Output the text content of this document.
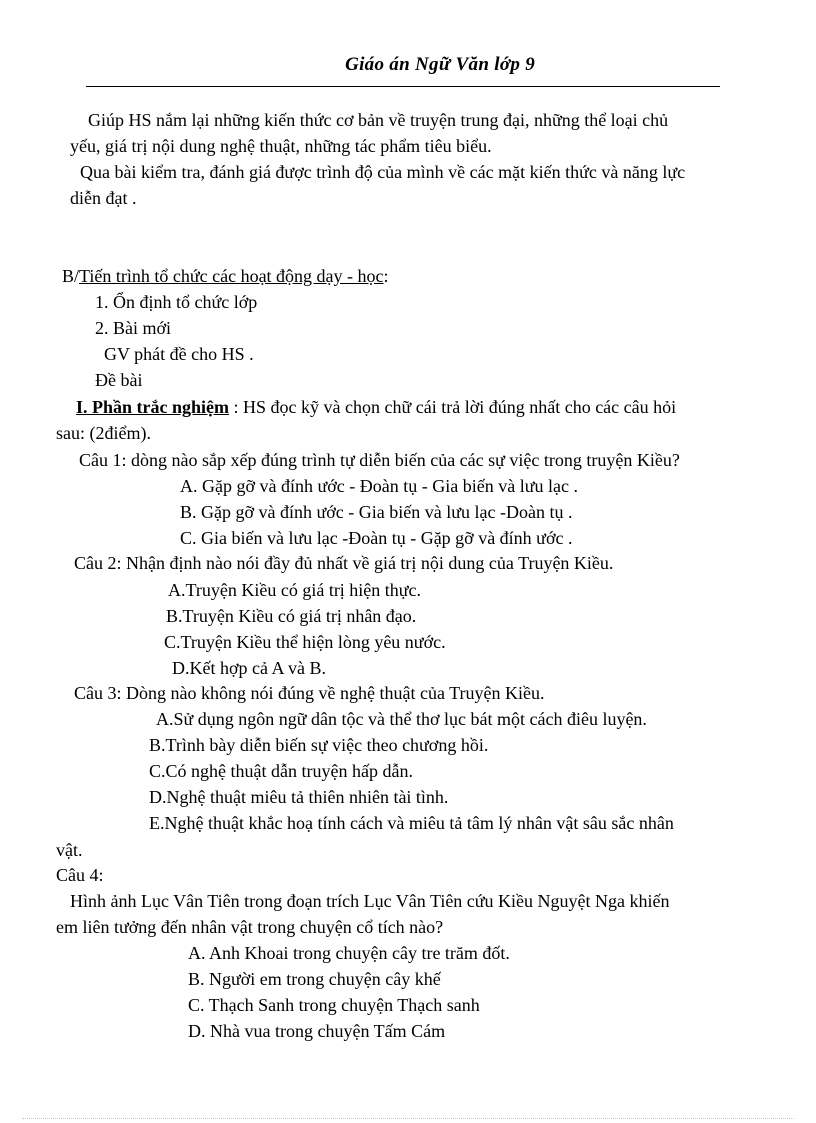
Giáo án Ngữ Văn lớp 9
Giúp HS nắm lại những kiến thức cơ bản về truyện trung đại, những thể loại chủ
yếu, giá trị nội dung nghệ thuật, những tác phẩm tiêu biểu.
Qua bài kiểm tra, đánh giá được trình độ của mình về các mặt kiến thức và năng lực
diễn đạt .
B/Tiến trình tổ chức các hoạt động dạy - học:
1. Ổn định tổ chức lớp
2. Bài mới
GV phát đề cho HS .
Đề bài
I. Phần trắc nghiệm : HS đọc kỹ và chọn chữ cái trả lời đúng nhất cho các câu hỏi
sau: (2điểm).
Câu 1: dòng nào sắp xếp đúng trình tự diễn biến của các sự việc trong truyện Kiều?
A. Gặp gỡ và đính ước - Đoàn tụ - Gia biến và lưu lạc .
B. Gặp gỡ và đính ước - Gia biến và lưu lạc -Doàn tụ .
C. Gia biến và lưu lạc -Đoàn tụ - Gặp gỡ và đính ước .
Câu 2: Nhận định nào nói đầy đủ nhất về giá trị nội dung của Truyện Kiều.
A.Truyện Kiều có giá trị hiện thực.
B.Truyện Kiều có giá trị nhân đạo.
C.Truyện Kiều thể hiện lòng yêu nước.
D.Kết hợp cả A và B.
Câu 3: Dòng nào không nói đúng về nghệ thuật của Truyện Kiều.
A.Sử dụng ngôn ngữ dân tộc và thể thơ lục bát một cách điêu luyện.
B.Trình bày diễn biến sự việc theo chương hồi.
C.Có nghệ thuật dẫn truyện hấp dẫn.
D.Nghệ thuật miêu tả thiên nhiên tài tình.
E.Nghệ thuật khắc hoạ tính cách và miêu tả tâm lý nhân vật sâu sắc nhân
vật.
Câu 4:
Hình ảnh Lục Vân Tiên trong đoạn trích Lục Vân Tiên cứu Kiều Nguyệt Nga khiến
em liên tưởng đến nhân vật trong chuyện cổ tích nào?
A. Anh Khoai trong chuyện cây tre trăm đốt.
B. Người em trong chuyện cây khế
C. Thạch Sanh trong chuyện Thạch sanh
D. Nhà vua trong chuyện Tấm Cám
